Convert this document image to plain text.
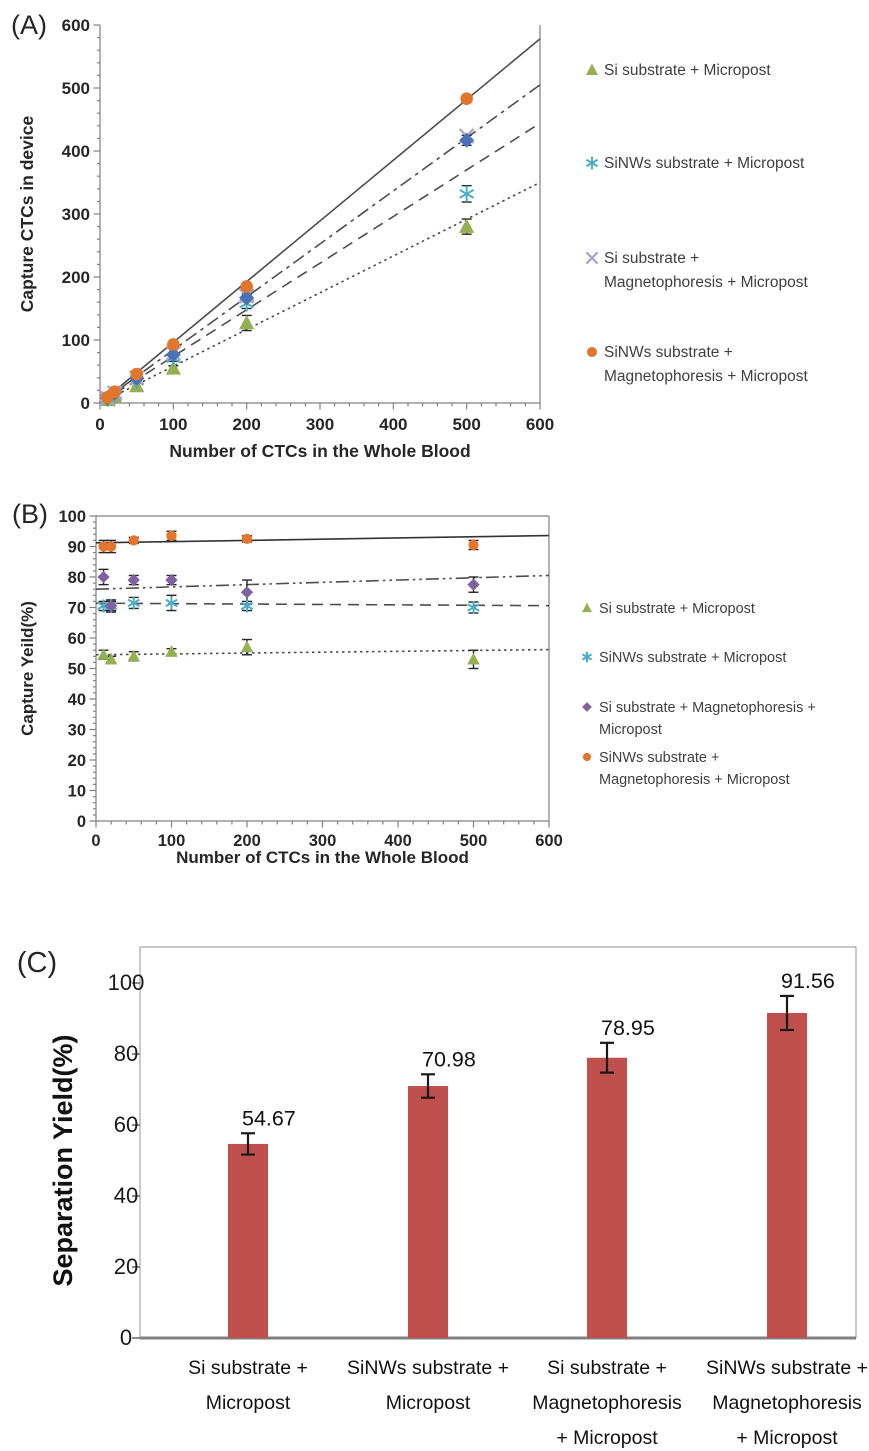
0	100	200	300	400	500	600
0
100
200
300
400
500
600
Number of CTCs in the Whole Blood
Capture CTCs in device
Si substrate + Micropost
SiNWs substrate + Micropost
Si substrate +
Magnetophoresis + Micropost
SiNWs substrate +
Magnetophoresis + Micropost
(A)
0	100	200	300	400	500	600
0
10
20
30
40
50
60
70
80
90
100
Number of CTCs in the Whole Blood
Capture Yeild(%)	Si substrate + Micropost
SiNWs substrate + Micropost
Si substrate + Magnetophoresis +
Micropost
SiNWs substrate +
Magnetophoresis + Micropost
(B)
0
20
40
60
80
100
Separation Yield(%)	54.67
70.98
78.95
91.56
Si substrate +
Micropost
SiNWs substrate +
Micropost
Si substrate +
Magnetophoresis
+ Micropost
SiNWs substrate +
Magnetophoresis
+ Micropost
(C)
